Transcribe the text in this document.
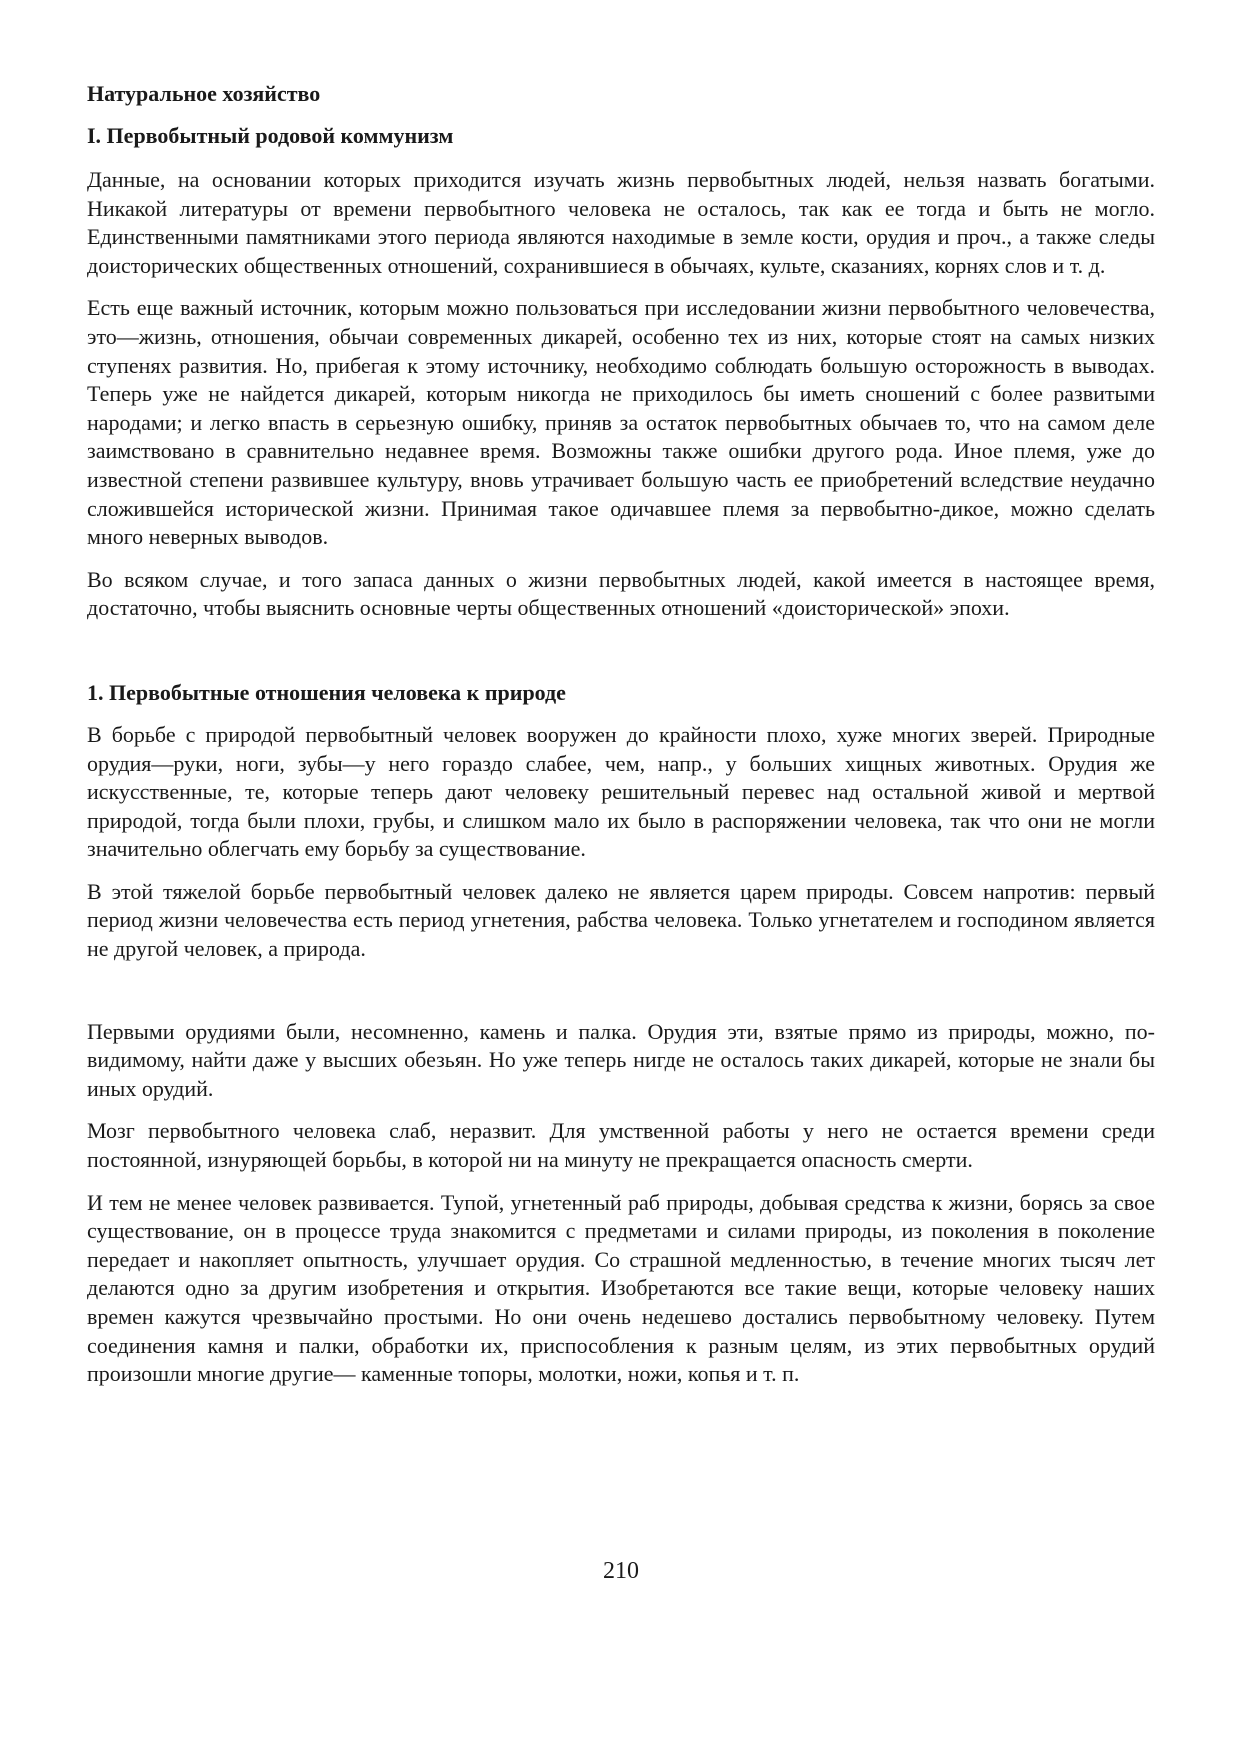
Натуральное хозяйство
I. Первобытный родовой коммунизм

Данные, на основании которых приходится изучать жизнь первобытных людей, нельзя назвать богатыми. Никакой литературы от времени первобытного человека не осталось, так как ее тогда и быть не могло. Единственными памятниками этого периода являются находимые в земле кости, орудия и проч., а также следы доисторических общественных отношений, сохранившиеся в обычаях, культе, сказаниях, корнях слов и т. д.

Есть еще важный источник, которым можно пользоваться при исследовании жизни первобытного человечества, это—жизнь, отношения, обычаи современных дикарей, особенно тех из них, которые стоят на самых низких ступенях развития. Но, прибегая к этому источнику, необходимо соблюдать большую осторожность в выводах. Теперь уже не найдется дикарей, которым никогда не приходилось бы иметь сношений с более развитыми народами; и легко впасть в серьезную ошибку, приняв за остаток первобытных обычаев то, что на самом деле заимствовано в сравнительно недавнее время. Возможны также ошибки другого рода. Иное племя, уже до известной степени развившее культуру, вновь утрачивает большую часть ее приобретений вследствие неудачно сложившейся исторической жизни. Принимая такое одичавшее племя за первобытно-дикое, можно сделать много неверных выводов.

Во всяком случае, и того запаса данных о жизни первобытных людей, какой имеется в настоящее время, достаточно, чтобы выяснить основные черты общественных отношений «доисторической» эпохи.

1. Первобытные отношения человека к природе

В борьбе с природой первобытный человек вооружен до крайности плохо, хуже многих зверей. Природные орудия—руки, ноги, зубы—у него гораздо слабее, чем, напр., у больших хищных животных. Орудия же искусственные, те, которые теперь дают человеку решительный перевес над остальной живой и мертвой природой, тогда были плохи, грубы, и слишком мало их было в распоряжении человека, так что они не могли значительно облегчать ему борьбу за существование.

В этой тяжелой борьбе первобытный человек далеко не является царем природы. Совсем напротив: первый период жизни человечества есть период угнетения, рабства человека. Только угнетателем и господином является не другой человек, а природа.

Первыми орудиями были, несомненно, камень и палка. Орудия эти, взятые прямо из природы, можно, по-видимому, найти даже у высших обезьян. Но уже теперь нигде не осталось таких дикарей, которые не знали бы иных орудий.

Мозг первобытного человека слаб, неразвит. Для умственной работы у него не остается времени среди постоянной, изнуряющей борьбы, в которой ни на минуту не прекращается опасность смерти.

И тем не менее человек развивается. Тупой, угнетенный раб природы, добывая средства к жизни, борясь за свое существование, он в процессе труда знакомится с предметами и силами природы, из поколения в поколение передает и накопляет опытность, улучшает орудия. Со страшной медленностью, в течение многих тысяч лет делаются одно за другим изобретения и открытия. Изобретаются все такие вещи, которые человеку наших времен кажутся чрезвычайно простыми. Но они очень недешево достались первобытному человеку. Путем соединения камня и палки, обработки их, приспособления к разным целям, из этих первобытных орудий произошли многие другие— каменные топоры, молотки, ножи, копья и т. п.

210
